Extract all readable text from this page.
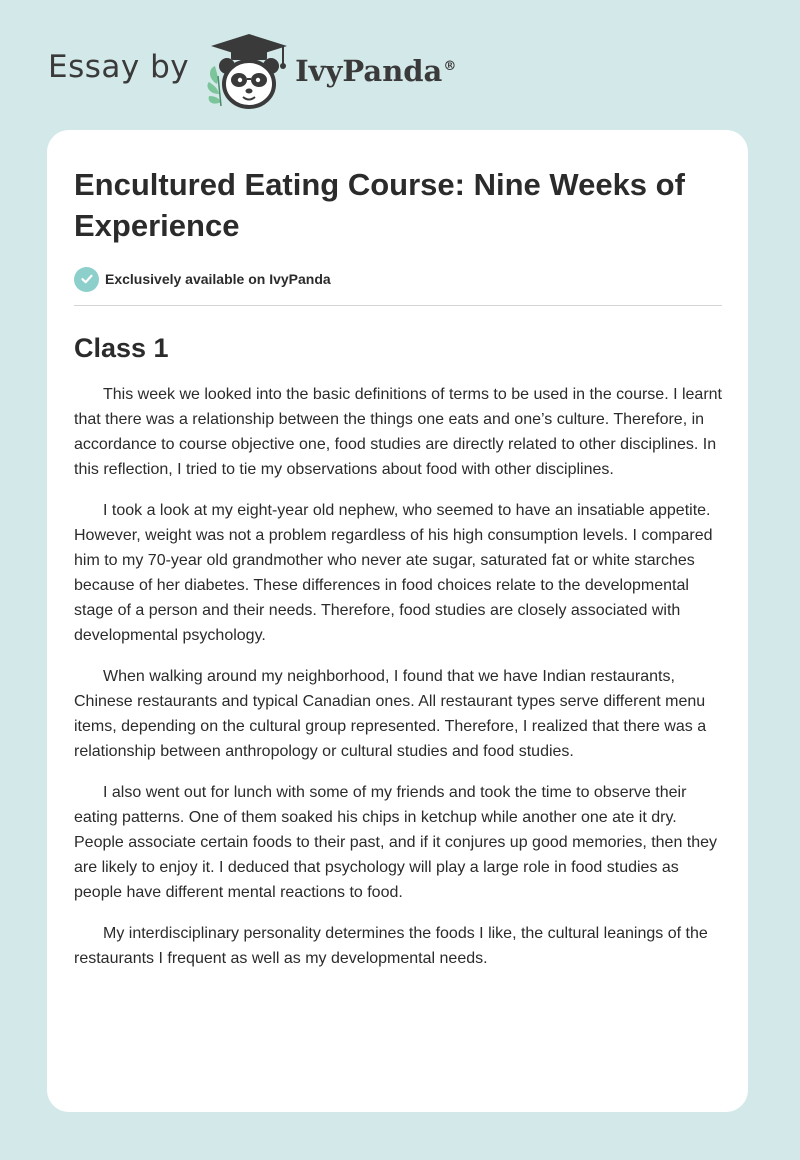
Essay by	IvyPanda®
Encultured Eating Course: Nine Weeks of Experience
Exclusively available on IvyPanda
Class 1

This week we looked into the basic definitions of terms to be used in the course. I learnt that there was a relationship between the things one eats and one’s culture. Therefore, in accordance to course objective one, food studies are directly related to other disciplines. In this reflection, I tried to tie my observations about food with other disciplines.

I took a look at my eight-year old nephew, who seemed to have an insatiable appetite. However, weight was not a problem regardless of his high consumption levels. I compared him to my 70-year old grandmother who never ate sugar, saturated fat or white starches because of her diabetes. These differences in food choices relate to the developmental stage of a person and their needs. Therefore, food studies are closely associated with developmental psychology.

When walking around my neighborhood, I found that we have Indian restaurants, Chinese restaurants and typical Canadian ones. All restaurant types serve different menu items, depending on the cultural group represented. Therefore, I realized that there was a relationship between anthropology or cultural studies and food studies.

I also went out for lunch with some of my friends and took the time to observe their eating patterns. One of them soaked his chips in ketchup while another one ate it dry. People associate certain foods to their past, and if it conjures up good memories, then they are likely to enjoy it. I deduced that psychology will play a large role in food studies as people have different mental reactions to food.

My interdisciplinary personality determines the foods I like, the cultural leanings of the restaurants I frequent as well as my developmental needs.
